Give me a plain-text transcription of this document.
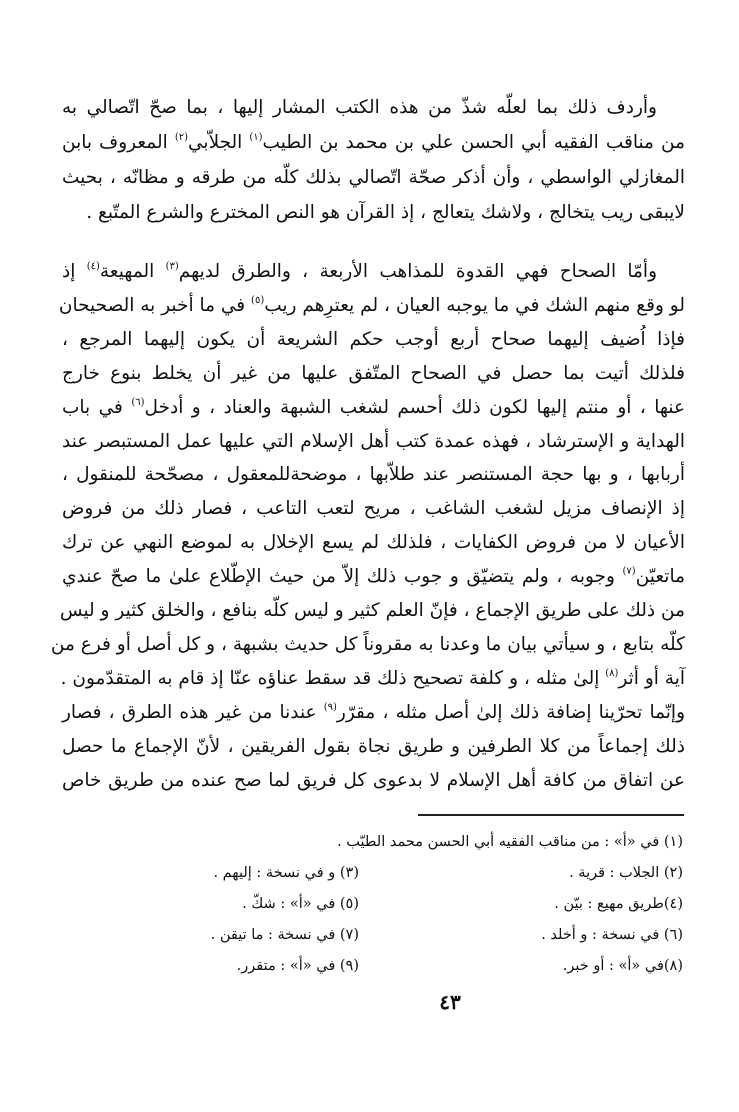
وأردف ذلك بما لعلّه شذّ من هذه الكتب المشار إليها ، بما صحّ اتّصالي به
من مناقب الفقيه أبي الحسن علي بن محمد بن الطيب$^{(١)}$ الجلاّبي$^{(٢)}$ المعروف بابن
المغازلي الواسطي ، وأن أذكر صحّة اتّصالي بذلك كلّه من طرقه و مظانّه ، بحيث
لايبقى ريب يتخالج ، ولاشك يتعالج ، إذ القرآن هو النص المخترع والشرع المتّبع .
وأمّا الصحاح فهي القدوة للمذاهب الأربعة ، والطرق لديهم$^{(٣)}$ المهيعة$^{(٤)}$ إذ
لو وقع منهم الشك في ما يوجبه العيان ، لم يعترِهم ريب$^{(٥)}$ في ما أخبر به الصحيحان
فإذا اُضيف إليهما صحاح أربع أوجب حكم الشريعة أن يكون إليهما المرجع ،
فلذلك أتيت بما حصل في الصحاح المتّفق عليها من غير أن يخلط بنوع خارج
عنها ، أو منتم إليها لكون ذلك أحسم لشغب الشبهة والعناد ، و أدخل$^{(٦)}$ في باب
الهداية و الإسترشاد ، فهذه عمدة كتب أهل الإسلام التي عليها عمل المستبصر عند
أربابها ، و بها حجة المستنصر عند طلاّبها ، موضحةللمعقول ، مصحّحة للمنقول ،
إذ الإنصاف مزيل لشغب الشاغب ، مريح لتعب التاعب ، فصار ذلك من فروض
الأعيان لا من فروض الكفايات ، فلذلك لم يسع الإخلال به لموضع النهي عن ترك
ماتعيّن$^{(٧)}$ وجوبه ، ولم يتضيّق و جوب ذلك إلاّ من حيث الإطّلاع علىٰ ما صحّ عندي
من ذلك على طريق الإجماع ، فإنّ العلم كثير و ليس كلّه بنافع ، والخلق كثير و ليس
كلّه بتابع ، و سيأتي بيان ما وعدنا به مقروناً كل حديث بشبهة ، و كل أصل أو فرع من
آية أو أثر$^{(٨)}$ إلىٰ مثله ، و كلفة تصحيح ذلك قد سقط عناؤه عنّا إذ قام به المتقدّمون .
وإنّما تحرّينا إضافة ذلك إلىٰ أصل مثله ، مقرّر$^{(٩)}$ عندنا من غير هذه الطرق ، فصار
ذلك إجماعاً من كلا الطرفين و طريق نجاة بقول الفريقين ، لأنّ الإجماع ما حصل
عن اتفاق من كافة أهل الإسلام لا بدعوى كل فريق لما صح عنده من طريق خاص
(١) في «أ» : من مناقب الفقيه أبي الحسن محمد الطيّب .
(٢) الجلاب : قرية .
(٤)طريق مهيع : بيّن .
(٦) في نسخة : و أخلد .
(٨)في «أ» : أو خبر.
(٣) و في نسخة : إليهم .
(٥) في «أ» : شكّ .
(٧) في نسخة : ما تيقن .
(٩) في «أ» : متقرر.
٤٣
